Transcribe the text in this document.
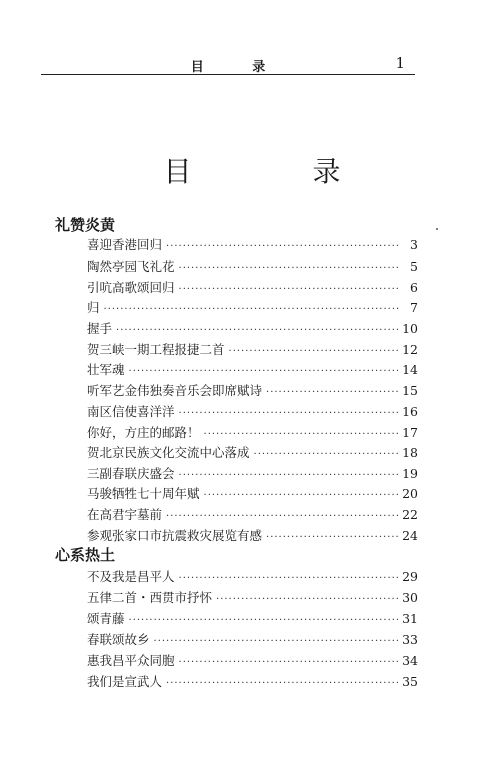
目 录	1
目 录
礼赞炎黄
喜迎香港回归 ·····	3
陶然亭园飞礼花 ·····	5
引吭高歌颂回归 ·····	6
归 ·····	7
握手 ·····	10
贺三峡一期工程报捷二首 ·····	12
壮军魂 ·····	14
听军艺金伟独奏音乐会即席赋诗 ·····	15
南区信使喜洋洋 ·····	16
你好，方庄的邮路！ ·····	17
贺北京民族文化交流中心落成 ·····	18
三副春联庆盛会 ·····	19
马骏牺牲七十周年赋 ·····	20
在高君宇墓前 ·····	22
参观张家口市抗震救灾展览有感 ·····	24
心系热土
不及我是昌平人 ·····	29
五律二首・西贯市抒怀 ·····	30
颂青藤 ·····	31
春联颂故乡 ·····	33
惠我昌平众同胞 ·····	34
我们是宣武人 ·····	35
